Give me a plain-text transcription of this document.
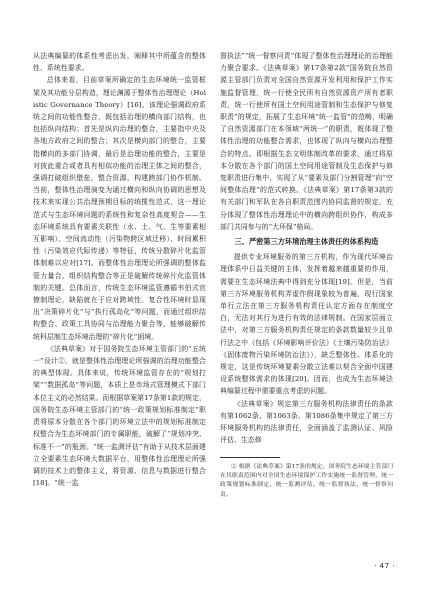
从法典编纂的体系性考虑出发，阐释其中所蕴含的整体性、系统性要求。

总体来看，目前草案所确定的生态环境统一监管框架及其功能分层构造，理论渊源于整体性治理理论（Holistic Governance Theory）[16]。该理论强调政府系统之间的功能性整合，既包括治理的横向部门结构，也包括纵向结构；首先是纵向治理的整合，主要指中央及各地方政府之间的整合；其次是横向部门的整合，主要指横向的多部门协调，最后是治理功能的整合，主要是对彼此重合或者具有相似功能的治理主体之间的整合，强调打破组织壁垒，整合资源，构建跨部门协作机制。当前，整体性治理演变为通过横向和纵向协调的思想及技术来实现公共治理预期目标的统揽性范式，这一理论范式与生态环境问题的系统性和复杂性高度契合——生态环境系统具有要素关联性（水、土、气、生等要素相互影响）、空间流动性（污染物跨区域迁移）、时间累积性（污染效应代际传递）等特征，传统分散碎片化监管体制难以应对[17]。而整体性治理理论所强调的整体监管力量合，组织结构整合等正是破解传统碎片化监管体制的关键。总体而言，传统生态环境监管遵循韦伯式官僚制理论，缺陷就在于应对跨域性、复合性环境时显现出“决策碎片化”与“执行孤岛化”等问题，而通过组织结构整合、政策工具协同与治理能力聚合等，能够破解传统科层制生态环境治理的“碎片化”困境。

《法典草案》对于国务院生态环境主管部门的“五统一”设计②，就是整体性治理理论所强调的治理功能整合的典型体现。具体来说，传统环境监管存在的“规划打架”“数据孤岛”等问题，本质上是市场式管理模式下部门本位主义的必然结果。而根据草案第17条第1款的规定，国务院生态环境主管部门的“统一政策规划标准制定”职责将原本分散在各个部门的环境立法中的规划标准制定权整合为生态环境部门的专属职能，破解了“规划冲突、标准不一”的瓶颈。“统一监测评估”有助于从技术层面建立全要素生态环境大数据平台，用整体性治理理论所强调的技术上的整体主义，将资源、信息与数据进行整合[18]。“统一监

督执法”“统一督察问责”体现了整体性治理理论的治理能力聚合要求。《法典草案》第17条第2款“国务院自然资源主管部门负责对全国自然资源开发利用和保护工作实施监督管理，统一行使全民所有自然资源资产所有者职责，统一行使所有国土空间用途管制和生态保护与修复职责”的规定，拓展了生态环境“统一监管”的范畴，明确了自然资源部门在本领域“两统一”的职责，既体现了整体性治理的功能整合需求，也体现了纵向与横向治理整合的特点。即根据生态文明体制改革的要求，通过将原本分散在各个部门的国土空间用途管制及生态保护与修复职责进行集中，实现了从“要素及部门分割管理”向“空间整体治理”的范式转换。《法典草案》第17条第3款的有关部门和军队在各自职责范围内协同监督的规定，充分体现了整体性治理理论中的横向跨组织协作，构成多部门共同参与的“大环保”格局。

三、严密第三方环境治理主体责任的体系构造

提供专业环境服务的第三方机构，作为现代环境治理体系中日益关键的主体，发挥着越来越重要的作用，需要在生态环境法典中得到充分体现[19]。但是，当前第三方环境服务机构弄虚作假现象较为普遍，现行国家单行立法在第三方服务机构责任认定方面存在制度空白，无法对其行为进行有效的法律规制。在国家层面立法中，对第三方服务机构责任规定的条款数量较少且单行法之中（包括《环境影响评价法》《土壤污染防治法》《固体废物污染环境防治法》），缺乏整体性、体系化的规定，这是传统环境要素分散立法难以契合全面中国建设系统整体需求的体现[20]。因而，也成为生态环境法典编纂过程中需要重点考虑的问题。

《法典草案》规定第三方服务机构法律责任的条款有第1062条、第1063条、第1086条集中规定了第三方环境服务机构的法律责任，全面涵盖了监测认证、风险评估、生态修

② 根据《法典草案》第17条的规定，国务院生态环境主管部门在其职责范围内对全国生态环境保护工作实施统一监督管理，统一政策规划标准制定、统一监测评估、统一监督执法、统一督察问责。

· 47 ·
